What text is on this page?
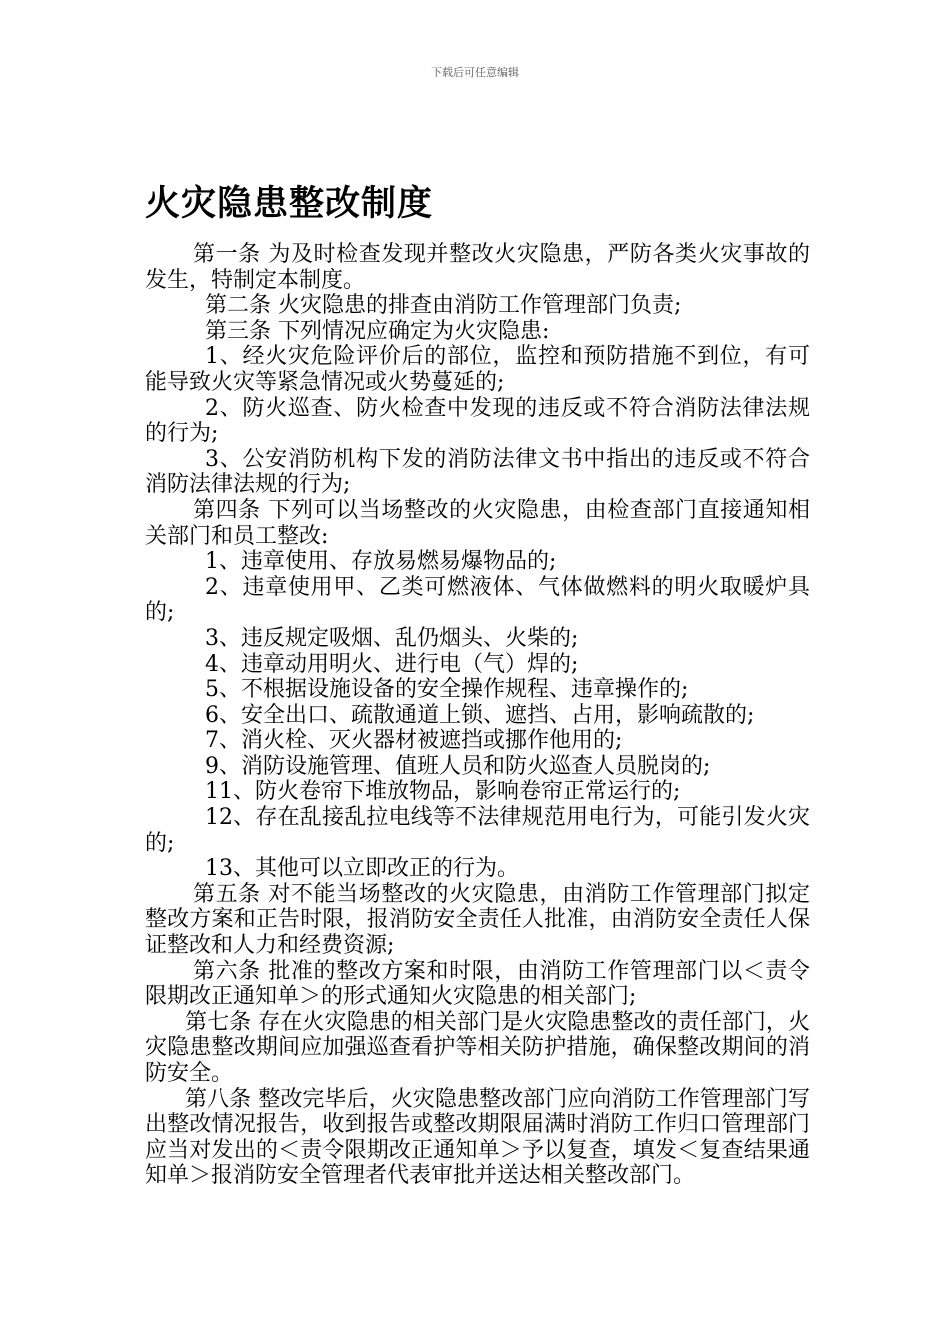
下载后可任意编辑
火灾隐患整改制度

第一条 为及时检查发现并整改火灾隐患，严防各类火灾事故的发生，特制定本制度。

第二条 火灾隐患的排查由消防工作管理部门负责;

第三条 下列情况应确定为火灾隐患:

1、经火灾危险评价后的部位，监控和预防措施不到位，有可能导致火灾等紧急情况或火势蔓延的;

2、防火巡查、防火检查中发现的违反或不符合消防法律法规的行为;

3、公安消防机构下发的消防法律文书中指出的违反或不符合消防法律法规的行为;

第四条 下列可以当场整改的火灾隐患，由检查部门直接通知相关部门和员工整改:

1、违章使用、存放易燃易爆物品的;

2、违章使用甲、乙类可燃液体、气体做燃料的明火取暖炉具的;

3、违反规定吸烟、乱仍烟头、火柴的;

4、违章动用明火、进行电（气）焊的;

5、不根据设施设备的安全操作规程、违章操作的;

6、安全出口、疏散通道上锁、遮挡、占用，影响疏散的;

7、消火栓、灭火器材被遮挡或挪作他用的;

9、消防设施管理、值班人员和防火巡查人员脱岗的;

11、防火卷帘下堆放物品，影响卷帘正常运行的;

12、存在乱接乱拉电线等不法律规范用电行为，可能引发火灾的;

13、其他可以立即改正的行为。

第五条 对不能当场整改的火灾隐患，由消防工作管理部门拟定整改方案和正告时限，报消防安全责任人批准，由消防安全责任人保证整改和人力和经费资源;

第六条 批准的整改方案和时限，由消防工作管理部门以＜责令限期改正通知单＞的形式通知火灾隐患的相关部门;

第七条 存在火灾隐患的相关部门是火灾隐患整改的责任部门，火灾隐患整改期间应加强巡查看护等相关防护措施，确保整改期间的消防安全。

第八条 整改完毕后，火灾隐患整改部门应向消防工作管理部门写出整改情况报告，收到报告或整改期限届满时消防工作归口管理部门应当对发出的＜责令限期改正通知单＞予以复查，填发＜复查结果通知单＞报消防安全管理者代表审批并送达相关整改部门。
